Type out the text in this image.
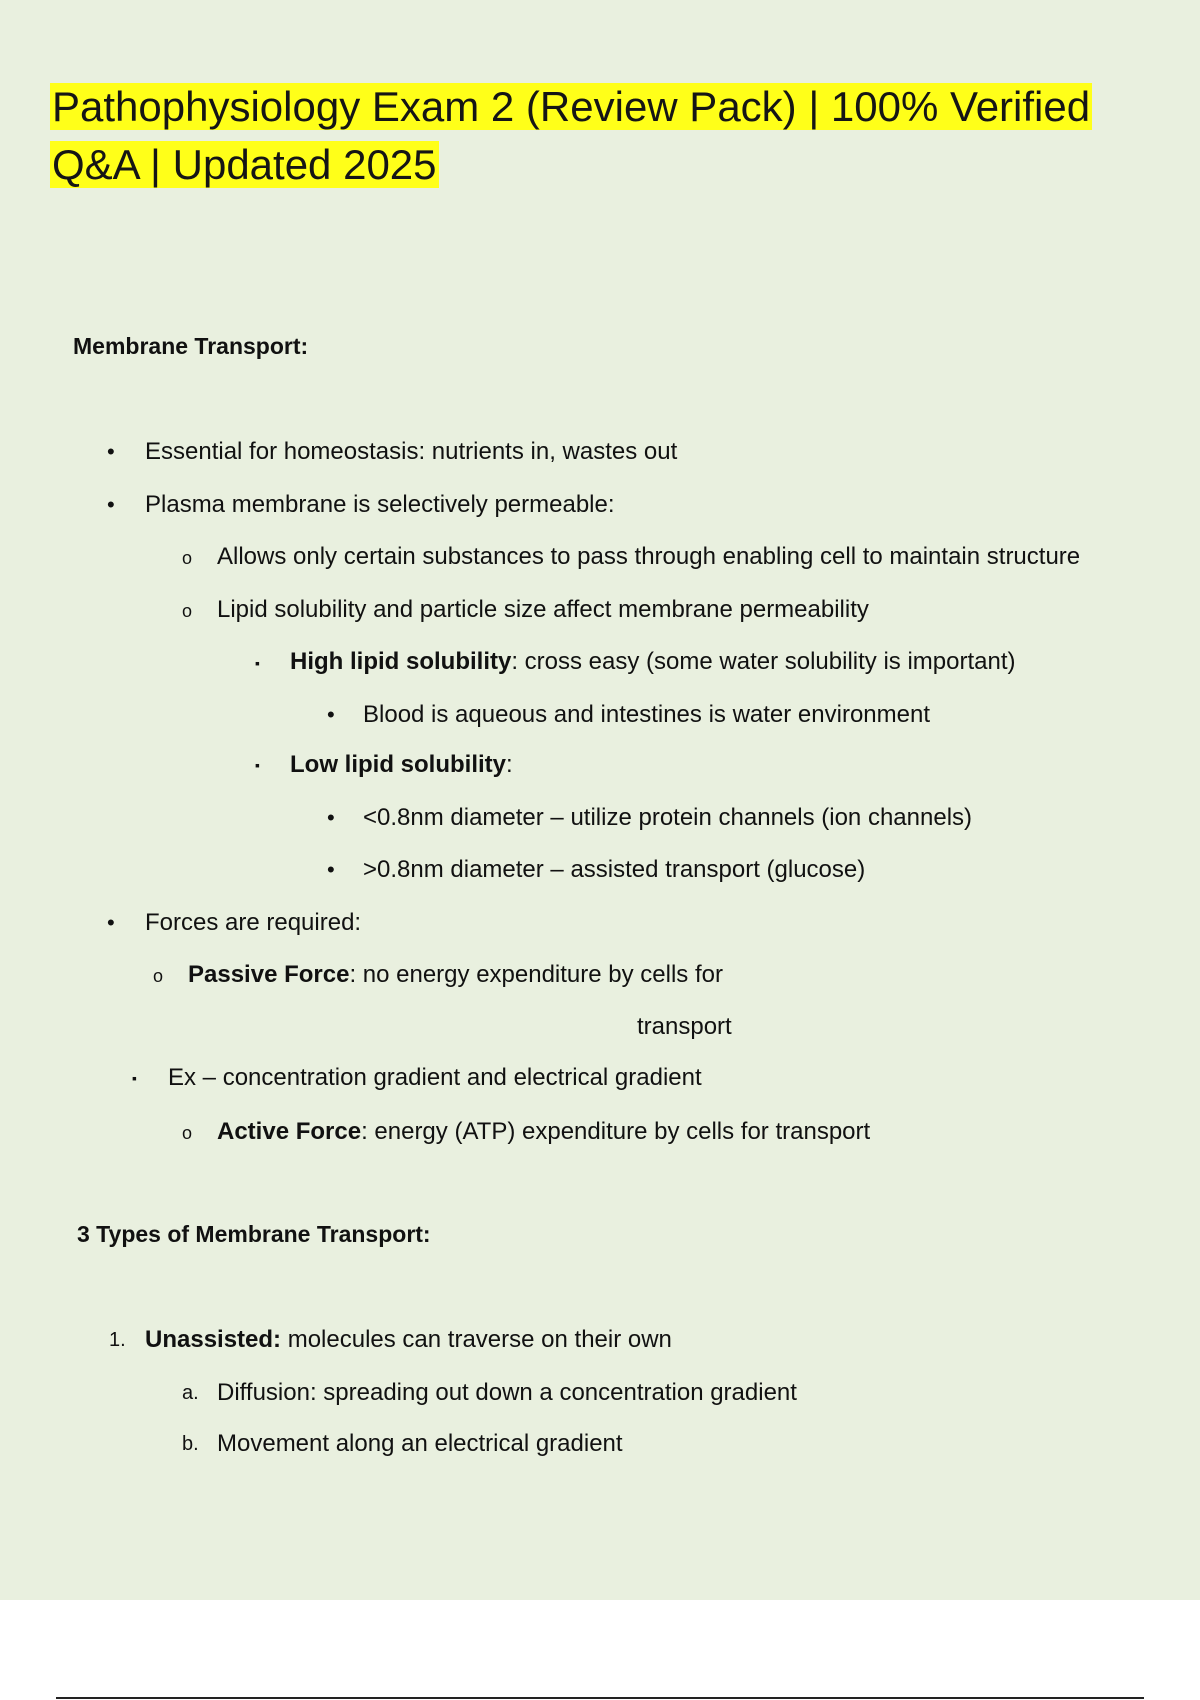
Pathophysiology Exam 2 (Review Pack) | 100% Verified
Q&A | Updated 2025
Membrane Transport:
• Essential for homeostasis: nutrients in, wastes out
• Plasma membrane is selectively permeable:
o Allows only certain substances to pass through enabling cell to maintain structure
o Lipid solubility and particle size affect membrane permeability
▪ High lipid solubility: cross easy (some water solubility is important)
• Blood is aqueous and intestines is water environment
▪ Low lipid solubility:
• <0.8nm diameter – utilize protein channels (ion channels)
• >0.8nm diameter – assisted transport (glucose)
• Forces are required:
o Passive Force: no energy expenditure by cells for
transport
▪ Ex – concentration gradient and electrical gradient
o Active Force: energy (ATP) expenditure by cells for transport
3 Types of Membrane Transport:
1. Unassisted: molecules can traverse on their own
a. Diffusion: spreading out down a concentration gradient
b. Movement along an electrical gradient
